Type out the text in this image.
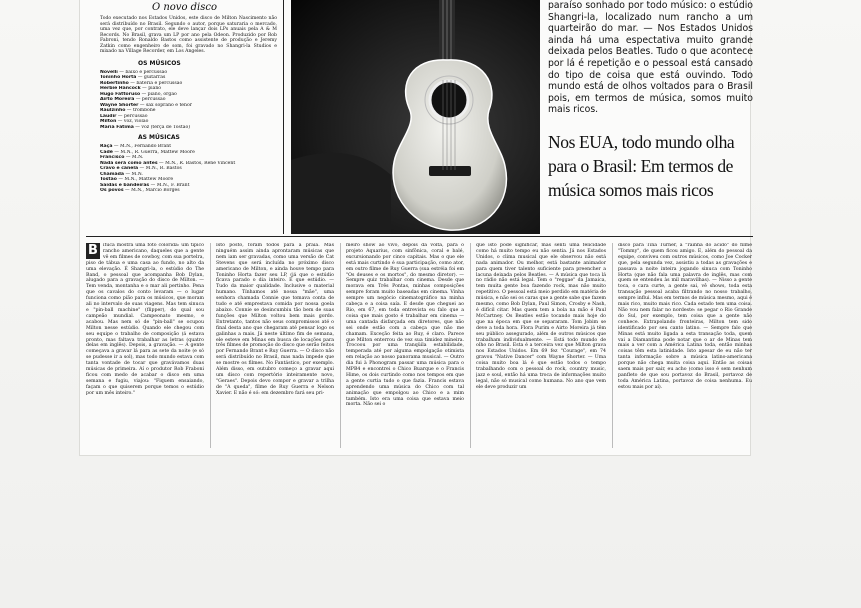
O novo disco
Todo executado nos Estados Unidos, este disco de Milton Nascimento não será distribuído no Brasil. Segundo o autor, porque saturaria o mercado, uma vez que, por contrato, ele deve lançar dois LPs anuais pela A & M Records. No Brasil, grava um LP por ano pela Odeon. Produzido por Rob Fabroni, tendo Ronaldo Bastos como assistente de produção e Jeremy Zatkin como engenheiro de som, foi gravado no Shangri-la Studios e mixado na Village Recorder, em Los Angeles.
OS MÚSICOS
Novelli — baixo e percussão
Toninho Horta — guitarras
Robertinho — bateria e percussão
Herbie Hancock — piano
Hugo Fattoruso — piano, órgão
Airto Moreira — percussão
Wayne Shorter — sax soprano e tenor
Raulzinho — trombone
Laudir — percussão
Milton — voz, violão
Maria Fatima — voz (terça de Tostão)
AS MÚSICAS
Raça — M.N., Fernando Brant
Cadê — M.N., R. Guerra, Mattew Moore
Francisco — M.N.
Nada será como antes — M.N., R. Bastos, Rene Vincent
Cravo e canela — M.N., R. Bastos
Chamada — M.N.
Tostão — M.N., Mattew Moore
Saídas e bandeiras — M.N., F. Brant
Os povos — M.N., Marcio Borges

paraíso sonhado por todo músico: o estúdio Shangri-la, localizado num rancho a um quarteirão do mar. — Nos Estados Unidos ainda há uma espectativa muito grande deixada pelos Beatles. Tudo o que acontece por lá é repetição e o pessoal está cansado do tipo de coisa que está ouvindo. Todo mundo está de olhos voltados para o Brasil pois, em termos de música, somos muito mais ricos.

Nos EUA, todo mundo olha para o Brasil: Em termos de música somos mais ricos
B	ituca mostra uma foto colorida: um típico rancho americano, daqueles que a gente vê em filmes de cowboy, com sua portelra, piso de tábua e uma casa ao fundo, no alto da uma elevação. É Shangri-la, o estúdio do The Band, o pessoal que acompanha Bob Dylan, alugado para a gravação do disco de Milton. — Tem venda, montanha e o mar ali pertinho. Pena que os cavalos do conto levaram — o lugar funciona como pião para os músicos, que moram ali no intervalo de suas viagens. Mas tem sinuca e "pin-ball machine" (flipper), do qual sou campeão mundial. Campeonato mesmo, e acabou. Mas nem só de "pin-ball" se ocupou Milton nesse estúdio. Quando ele chegou com seu equipe o trabalho de composição (á estava pronto, mas faltava trabalhar as letras (quatro delas em inglês). Depois, a gravação. — A gente começava a gravar lá para as sete da noite (e só se pudesse ir a sol), mas todo mundo estava com tanta vontade de tocar que gravávamos duas músicas de primeira. Aí o produtor Rob Fraboni ficou com medo de acabar o disco em uma semana e fugiu, viajou: "Fiquem ensaiando, façam o que quiserem porque temos o estúdio por um mês inteiro."
Isto posto, foram todos para a praia. Mas ninguém assim ainda aprontaram músicas que nem iam ser gravadas, como uma versão de Cat Stevens que será incluída no próximo disco americano de Milton, e ainda houve tempo para Toninho Horta fazer seu LP, (já que o estúdio ficava parado o dia inteiro. E que estúdio. — Tudo da maior qualidade. Inclusive o material humano. Tínhamos até nossa "mãe", uma senhora chamada Connie que tomava conta de tudo e até emprestava comida por nossa goela abaixo. Connie se desincumbiu tão bem de suas funções que Milton voltou bem mais gordo. Entretanto, tantos não seus compromissos até o final desta ano que chegaram até pensar logo os galinhas a mais. Já neste último fim de semana, ele esteve em Minas em busca de locações para três filmes de promoção do disco que serão feitos por Fernando Brant e Ruy Guerra. — O disco não será distribuído no Brasil, mas nada impede que se mostre os filmes. No Fantástico, por exemplo. Além disso, em outubro começo a gravar aqui um disco com repertório inteiramente novo, "Geraes". Depois devo compor e gravar a trilha de "A queda", filme de Ruy Guerra e Nelson Xavier. E não é só: em dezembro fará seu pri-
meiro show ao vivo, depois da volta, para o projeto Aquarius, com sinfônica, coral e balé, excursionando por cinco capitais. Mas o que ele está mais curtindo é sua participação, como ator, em outro filme de Ruy Guerra (sua estréia foi em "Os deuses e os mortos", do mesmo diretor). — Sempre quiz trabalhar com cinema. Desde que morava em Três Pontas, minhas composições sempre foram muito baseadas em cinema. Vinha sempre um negócio cinematográfico na minha cabeça e a coisa saía. E desde que cheguei ao Rio, em 67, em toda entrevista eu falo que a coisa que mais gosto é trabalhar em cinema — uma cantada disfarçada em diretores, que não sei onde estão com a cabeça que não me chamam. Exceção feita ao Ruy, é claro. Parece que Milton enterrou de vez sua timidez mineira. Trocoou por uma tranqüila estabilidade, temperada até por alguma empolgação otimista em relação ao nosso panorama musical. — Outro dia fui à Phonogram passar uma música para o MPB4 e encontrei o Chico Buarque e o Francis Hime, os dois curtindo como nos tempos em que a gente curtia tudo o que fazia. Francis estava aprendendo uma música do Chico com tal animação que empolgou ao Chico e a mim também. Isto era uma coisa que estava meio morta. Não sei o
que isto pode significar, mas senti uma felicidade como há muito tempo eu não sentia. Já nos Estados Unidos, o clima musical que ele observou não está nada animador. Ou melhor, está bastante animador para quem tiver talento suficiente para preencher a lacuna deixada pelos Beatles. — A música que toca lá no rádio não está legal. Tem o "reggae" da Jamaica, tem muita gente boa fazendo rock, mas não muito repetitivo. O pessoal está meio perdido em matéria de música, e não sei os caras que a gente sabe que fazem mesmo, como Bob Dylan, Paul Simon, Crosby e Nash, é difícil citar. Mas quem tem a bola na mão é Paul McCartney. Os Beatles estão tocando mais hoje do que na época em que se separaram. Tom Jobim se deve a toda hora. Flora Purim e Airto Moreira já têm seu público assegurado, além de outros músicos que trabalham individualmente. — Está todo mundo de olho no Brasil. Esta é a terceira vez que Milton grava nos Estados Unidos. Em 69 fez "Courage", em 74 gravou "Native Dancer" com Wayne Shorter. — Uma coisa muito boa lá é que estão todos o tempo trabalhando com o pessoal do rock, country music, jazz e soul, então há uma troca de informações muito legal, não só musical como humana. No ano que vem ele deve produzir um
disco para Tina Turner, a "rainha do ácido" do filme "Tommy", de quem ficou amigo. E, além do pessoal da equipe, conviveu com outros músicos, como Joe Cocker que, pela segunda vez, assistiu a todas as gravações e passava a noite inteira jogando sinuca com Toninho Horta (que não fala uma palavra de inglês, mas com quem se entendeu às mil maravilhas). — Nisso a gente toca, o cara curte, a gente sai, vê shows, toda esta transação pessoal acaba filtrando no nosso trabalho, sempre influi. Mas em termos de música mesmo, aqui é mais rico, muito mais rico. Cada estado tem uma coisa. Não vou nem falar no nordeste: se pegar o Rio Grande do Sul, por exemplo, tem coisa que a gente não conhece. Extrapolando fronteiras, Milton tem sido identificado por seu canto latino. — Sempre falo que Minas está muito ligada a esta transação toda, quem vai a Diamantina pode notar que o ar de Minas tem mais a ver com a América Latina toda, então minhas coisas têm esta latinidade. Isto apesar de eu não ter tanta informação sobre a música latino-americana porque não chega muita coisa aqui. Então as coisas saem mais por sair, eu acho (como isso é sem nenhum panfleto de que sou portavoz do Brasil, portavoz de toda América Latina, portavoz de coisa nenhuma. Eu estou mais por aí).
